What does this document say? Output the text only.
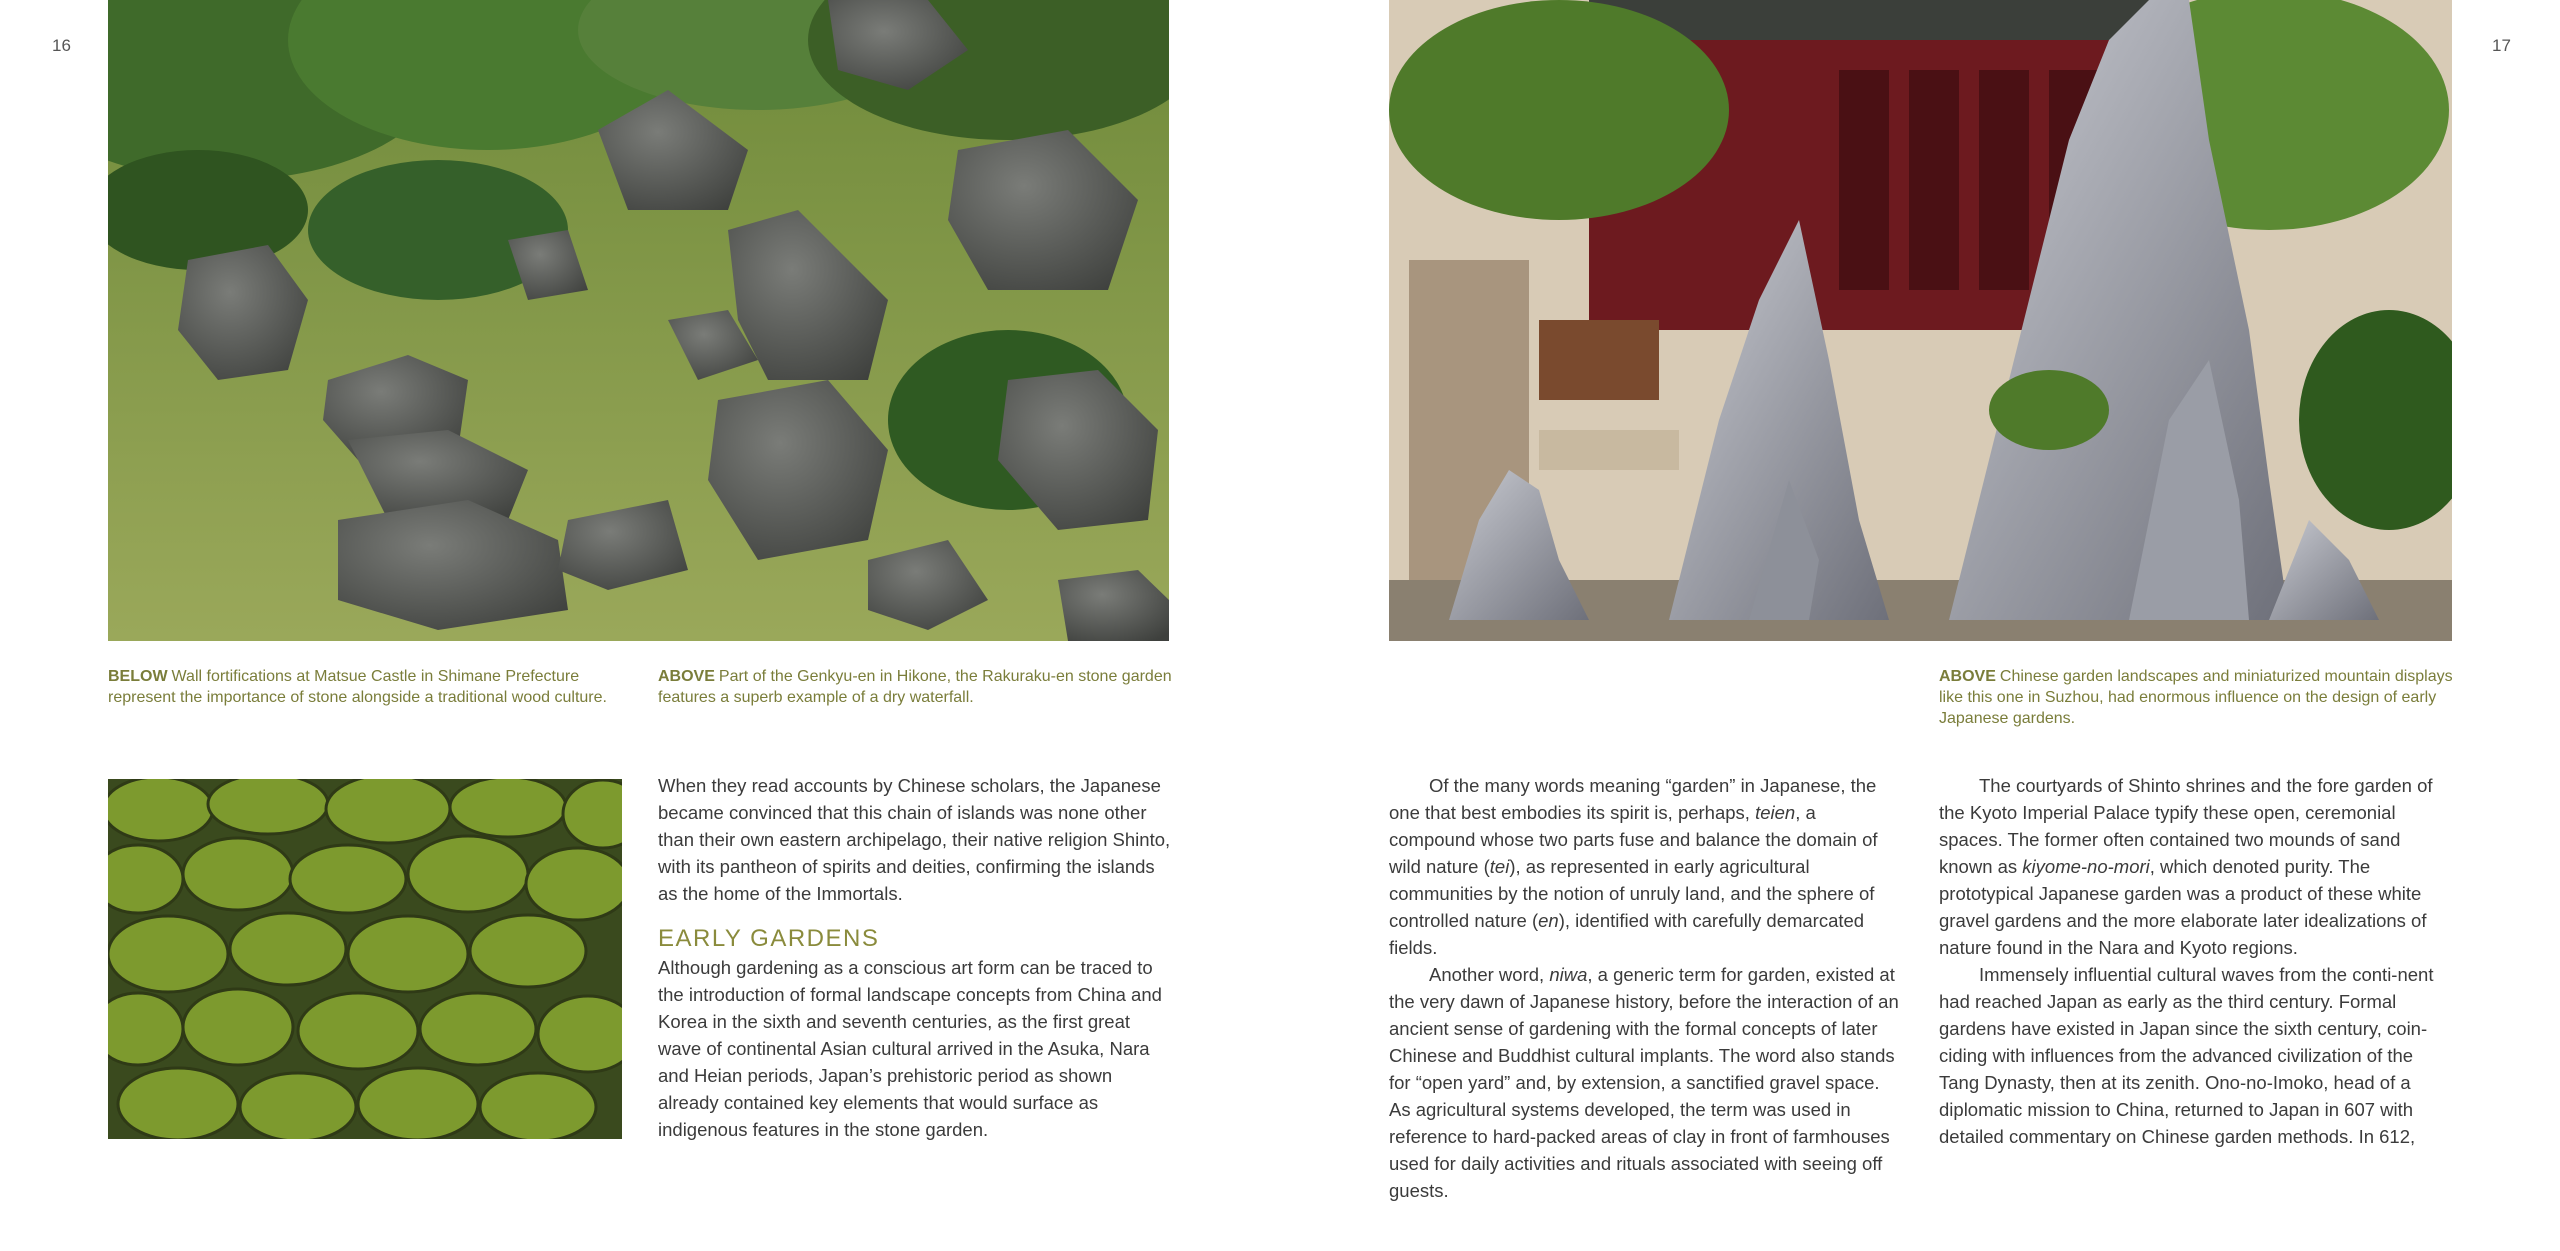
16	17
BELOW Wall fortifications at Matsue Castle in Shimane Prefecture represent the importance of stone alongside a traditional wood culture.
ABOVE Part of the Genkyu-en in Hikone, the Rakuraku-en stone garden features a superb example of a dry waterfall.
ABOVE Chinese garden landscapes and miniaturized mountain displays like this one in Suzhou, had enormous influence on the design of early Japanese gardens.

When they read accounts by Chinese scholars, the Japanese became convinced that this chain of islands was none other than their own eastern archipelago, their native religion Shinto, with its pantheon of spirits and deities, confirming the islands as the home of the Immortals.

EARLY GARDENS

Although gardening as a conscious art form can be traced to the introduction of formal landscape concepts from China and Korea in the sixth and seventh centuries, as the first great wave of continental Asian cultural arrived in the Asuka, Nara and Heian periods, Japan’s prehistoric period as shown already contained key elements that would surface as indigenous features in the stone garden.

Of the many words meaning “garden” in Japanese, the one that best embodies its spirit is, perhaps, teien, a compound whose two parts fuse and balance the domain of wild nature (tei), as represented in early agricultural communities by the notion of unruly land, and the sphere of controlled nature (en), identified with carefully demarcated fields.

Another word, niwa, a generic term for garden, existed at the very dawn of Japanese history, before the interaction of an ancient sense of gardening with the formal concepts of later Chinese and Buddhist cultural implants. The word also stands for “open yard” and, by extension, a sanctified gravel space. As agricultural systems developed, the term was used in reference to hard-packed areas of clay in front of farmhouses used for daily activities and rituals associated with seeing off guests.

The courtyards of Shinto shrines and the fore garden of the Kyoto Imperial Palace typify these open, ceremonial spaces. The former often contained two mounds of sand known as kiyome-no-mori, which denoted purity. The prototypical Japanese garden was a product of these white gravel gardens and the more elaborate later idealizations of nature found in the Nara and Kyoto regions.

Immensely influential cultural waves from the conti-nent had reached Japan as early as the third century. Formal gardens have existed in Japan since the sixth century, coin-ciding with influences from the advanced civilization of the Tang Dynasty, then at its zenith. Ono-no-Imoko, head of a diplomatic mission to China, returned to Japan in 607 with detailed commentary on Chinese garden methods. In 612,
